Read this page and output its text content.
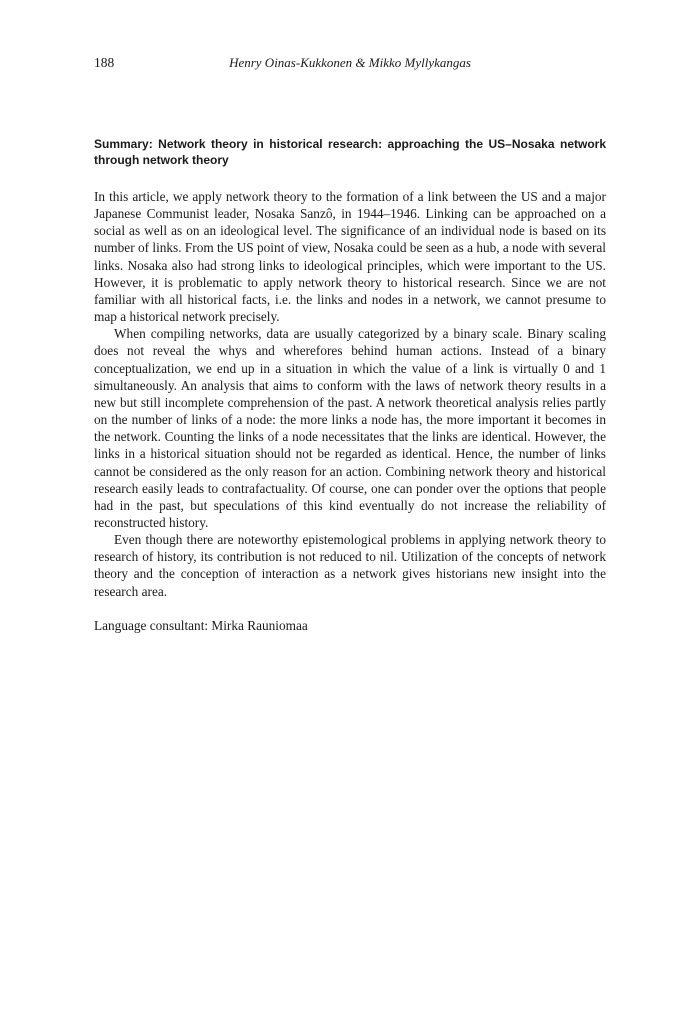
188	Henry Oinas-Kukkonen & Mikko Myllykangas
Summary: Network theory in historical research: approaching the US–Nosaka network through network theory

In this article, we apply network theory to the formation of a link between the US and a major Japanese Communist leader, Nosaka Sanzô, in 1944–1946. Linking can be approached on a social as well as on an ideological level. The significance of an individual node is based on its number of links. From the US point of view, Nosaka could be seen as a hub, a node with several links. Nosaka also had strong links to ideological principles, which were important to the US. However, it is problematic to apply network theory to historical research. Since we are not familiar with all historical facts, i.e. the links and nodes in a network, we cannot presume to map a historical network precisely.

When compiling networks, data are usually categorized by a binary scale. Binary scaling does not reveal the whys and wherefores behind human actions. Instead of a binary conceptualization, we end up in a situation in which the value of a link is virtually 0 and 1 simultaneously. An analysis that aims to conform with the laws of network theory results in a new but still incomplete comprehension of the past. A network theoretical analysis relies partly on the number of links of a node: the more links a node has, the more important it becomes in the network. Counting the links of a node necessitates that the links are identical. However, the links in a historical situation should not be regarded as identical. Hence, the number of links cannot be considered as the only reason for an action. Combining network theory and historical research easily leads to contrafactuality. Of course, one can ponder over the options that people had in the past, but speculations of this kind eventually do not increase the reliability of reconstructed history.

Even though there are noteworthy epistemological problems in applying network theory to research of history, its contribution is not reduced to nil. Utilization of the concepts of network theory and the conception of interaction as a network gives historians new insight into the research area.

Language consultant: Mirka Rauniomaa
